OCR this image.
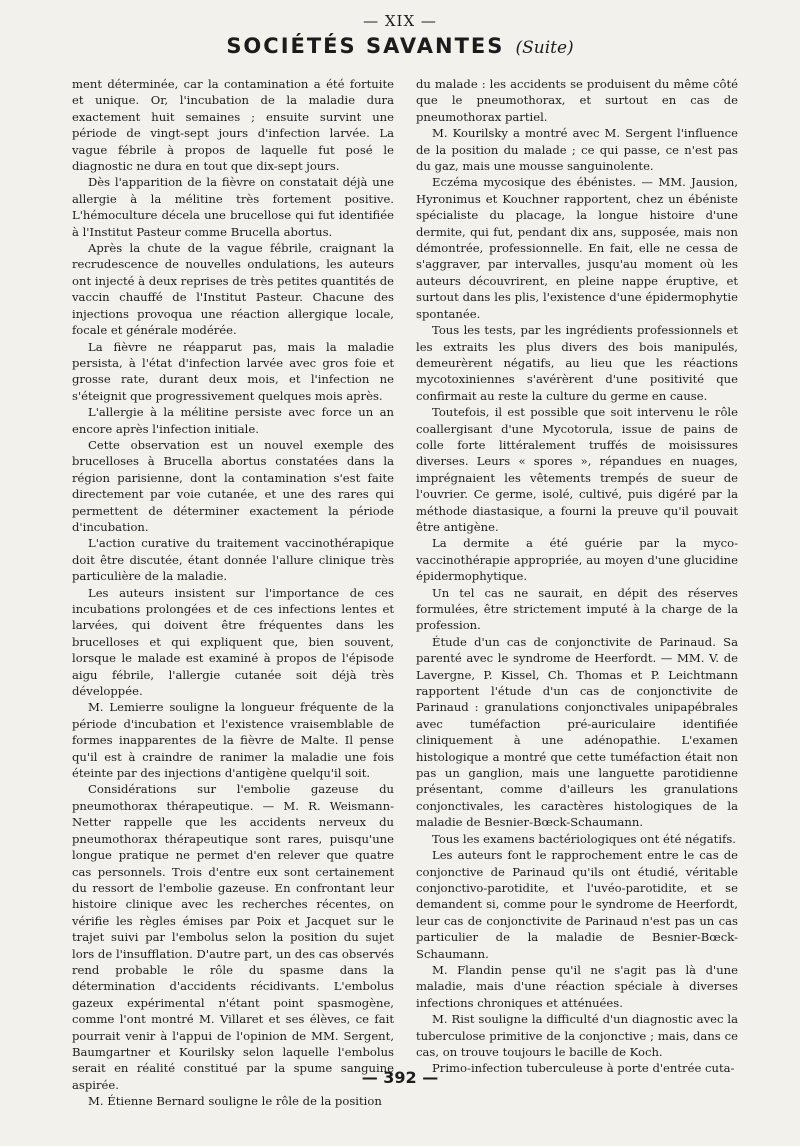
— XIX —
SOCIÉTÉS SAVANTES (Suite)

ment déterminée, car la contamination a été fortuite et unique. Or, l'incubation de la maladie dura exactement huit semaines ; ensuite survint une période de vingt-sept jours d'infection larvée. La vague fébrile à propos de laquelle fut posé le diagnostic ne dura en tout que dix-sept jours.

Dès l'apparition de la fièvre on constatait déjà une allergie à la mélitine très fortement positive. L'hémoculture décela une brucellose qui fut identifiée à l'Institut Pasteur comme Brucella abortus.

Après la chute de la vague fébrile, craignant la recrudescence de nouvelles ondulations, les auteurs ont injecté à deux reprises de très petites quantités de vaccin chauffé de l'Institut Pasteur. Chacune des injections provoqua une réaction allergique locale, focale et générale modérée.

La fièvre ne réapparut pas, mais la maladie persista, à l'état d'infection larvée avec gros foie et grosse rate, durant deux mois, et l'infection ne s'éteignit que progressivement quelques mois après.

L'allergie à la mélitine persiste avec force un an encore après l'infection initiale.

Cette observation est un nouvel exemple des brucelloses à Brucella abortus constatées dans la région parisienne, dont la contamination s'est faite directement par voie cutanée, et une des rares qui permettent de déterminer exactement la période d'incubation.

L'action curative du traitement vaccinothérapique doit être discutée, étant donnée l'allure clinique très particulière de la maladie.

Les auteurs insistent sur l'importance de ces incubations prolongées et de ces infections lentes et larvées, qui doivent être fréquentes dans les brucelloses et qui expliquent que, bien souvent, lorsque le malade est examiné à propos de l'épisode aigu fébrile, l'allergie cutanée soit déjà très développée.

M. Lemierre souligne la longueur fréquente de la période d'incubation et l'existence vraisemblable de formes inapparentes de la fièvre de Malte. Il pense qu'il est à craindre de ranimer la maladie une fois éteinte par des injections d'antigène quelqu'il soit.

Considérations sur l'embolie gazeuse du pneumothorax thérapeutique. — M. R. Weismann-Netter rappelle que les accidents nerveux du pneumothorax thérapeutique sont rares, puisqu'une longue pratique ne permet d'en relever que quatre cas personnels. Trois d'entre eux sont certainement du ressort de l'embolie gazeuse. En confrontant leur histoire clinique avec les recherches récentes, on vérifie les règles émises par Poix et Jacquet sur le trajet suivi par l'embolus selon la position du sujet lors de l'insufflation. D'autre part, un des cas observés rend probable le rôle du spasme dans la détermination d'accidents récidivants. L'embolus gazeux expérimental n'étant point spasmogène, comme l'ont montré M. Villaret et ses élèves, ce fait pourrait venir à l'appui de l'opinion de MM. Sergent, Baumgartner et Kourilsky selon laquelle l'embolus serait en réalité constitué par la spume sanguine aspirée.

M. Étienne Bernard souligne le rôle de la position

du malade : les accidents se produisent du même côté que le pneumothorax, et surtout en cas de pneumothorax partiel.

M. Kourilsky a montré avec M. Sergent l'influence de la position du malade ; ce qui passe, ce n'est pas du gaz, mais une mousse sanguinolente.

Eczéma mycosique des ébénistes. — MM. Jausion, Hyronimus et Kouchner rapportent, chez un ébéniste spécialiste du placage, la longue histoire d'une dermite, qui fut, pendant dix ans, supposée, mais non démontrée, professionnelle. En fait, elle ne cessa de s'aggraver, par intervalles, jusqu'au moment où les auteurs découvrirent, en pleine nappe éruptive, et surtout dans les plis, l'existence d'une épidermophytie spontanée.

Tous les tests, par les ingrédients professionnels et les extraits les plus divers des bois manipulés, demeurèrent négatifs, au lieu que les réactions mycotoxiniennes s'avérèrent d'une positivité que confirmait au reste la culture du germe en cause.

Toutefois, il est possible que soit intervenu le rôle coallergisant d'une Mycotorula, issue de pains de colle forte littéralement truffés de moisissures diverses. Leurs « spores », répandues en nuages, imprégnaient les vêtements trempés de sueur de l'ouvrier. Ce germe, isolé, cultivé, puis digéré par la méthode diastasique, a fourni la preuve qu'il pouvait être antigène.

La dermite a été guérie par la myco-vaccinothérapie appropriée, au moyen d'une glucidine épidermophytique.

Un tel cas ne saurait, en dépit des réserves formulées, être strictement imputé à la charge de la profession.

Étude d'un cas de conjonctivite de Parinaud. Sa parenté avec le syndrome de Heerfordt. — MM. V. de Lavergne, P. Kissel, Ch. Thomas et P. Leichtmann rapportent l'étude d'un cas de conjonctivite de Parinaud : granulations conjonctivales unipapébrales avec tuméfaction pré-auriculaire identifiée cliniquement à une adénopathie. L'examen histologique a montré que cette tuméfaction était non pas un ganglion, mais une languette parotidienne présentant, comme d'ailleurs les granulations conjonctivales, les caractères histologiques de la maladie de Besnier-Bœck-Schaumann.

Tous les examens bactériologiques ont été négatifs.

Les auteurs font le rapprochement entre le cas de conjonctive de Parinaud qu'ils ont étudié, véritable conjonctivo-parotidite, et l'uvéo-parotidite, et se demandent si, comme pour le syndrome de Heerfordt, leur cas de conjonctivite de Parinaud n'est pas un cas particulier de la maladie de Besnier-Bœck-Schaumann.

M. Flandin pense qu'il ne s'agit pas là d'une maladie, mais d'une réaction spéciale à diverses infections chroniques et atténuées.

M. Rist souligne la difficulté d'un diagnostic avec la tuberculose primitive de la conjonctive ; mais, dans ce cas, on trouve toujours le bacille de Koch.

Primo-infection tuberculeuse à porte d'entrée cuta-

— 392 —
